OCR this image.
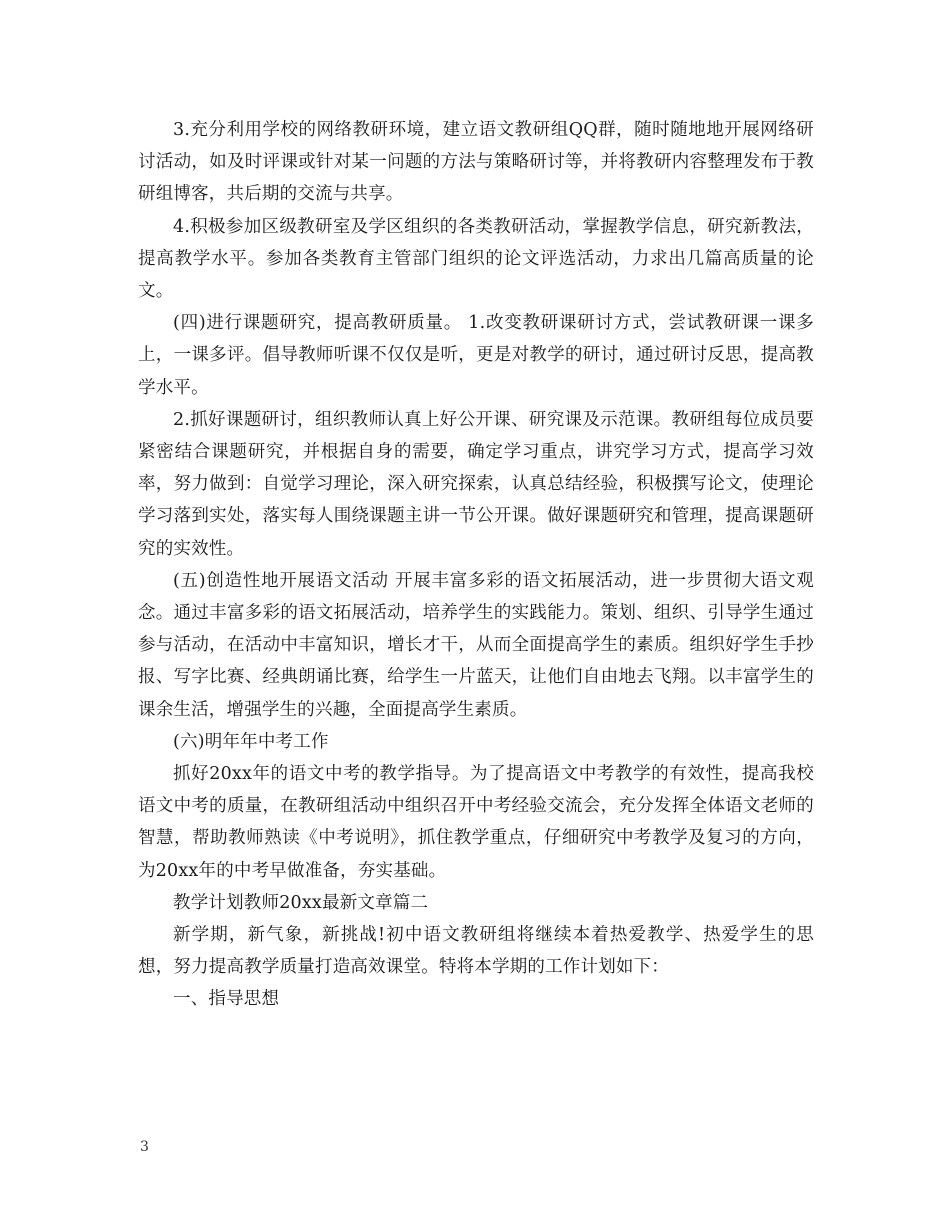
3.充分利用学校的网络教研环境，建立语文教研组QQ群，随时随地地开展网络研讨活动，如及时评课或针对某一问题的方法与策略研讨等，并将教研内容整理发布于教研组博客，共后期的交流与共享。

4.积极参加区级教研室及学区组织的各类教研活动，掌握教学信息，研究新教法，提高教学水平。参加各类教育主管部门组织的论文评选活动，力求出几篇高质量的论文。

(四)进行课题研究，提高教研质量。 1.改变教研课研讨方式，尝试教研课一课多上，一课多评。倡导教师听课不仅仅是听，更是对教学的研讨，通过研讨反思，提高教学水平。

2.抓好课题研讨，组织教师认真上好公开课、研究课及示范课。教研组每位成员要紧密结合课题研究，并根据自身的需要，确定学习重点，讲究学习方式，提高学习效率，努力做到：自觉学习理论，深入研究探索，认真总结经验，积极撰写论文，使理论学习落到实处，落实每人围绕课题主讲一节公开课。做好课题研究和管理，提高课题研究的实效性。

(五)创造性地开展语文活动 开展丰富多彩的语文拓展活动，进一步贯彻大语文观念。通过丰富多彩的语文拓展活动，培养学生的实践能力。策划、组织、引导学生通过参与活动，在活动中丰富知识，增长才干，从而全面提高学生的素质。组织好学生手抄报、写字比赛、经典朗诵比赛，给学生一片蓝天，让他们自由地去飞翔。以丰富学生的课余生活，增强学生的兴趣，全面提高学生素质。

(六)明年年中考工作

抓好20xx年的语文中考的教学指导。为了提高语文中考教学的有效性，提高我校语文中考的质量，在教研组活动中组织召开中考经验交流会，充分发挥全体语文老师的智慧，帮助教师熟读《中考说明》，抓住教学重点，仔细研究中考教学及复习的方向，为20xx年的中考早做准备，夯实基础。

教学计划教师20xx最新文章篇二

新学期，新气象，新挑战!初中语文教研组将继续本着热爱教学、热爱学生的思想，努力提高教学质量打造高效课堂。特将本学期的工作计划如下：

一、指导思想

3
